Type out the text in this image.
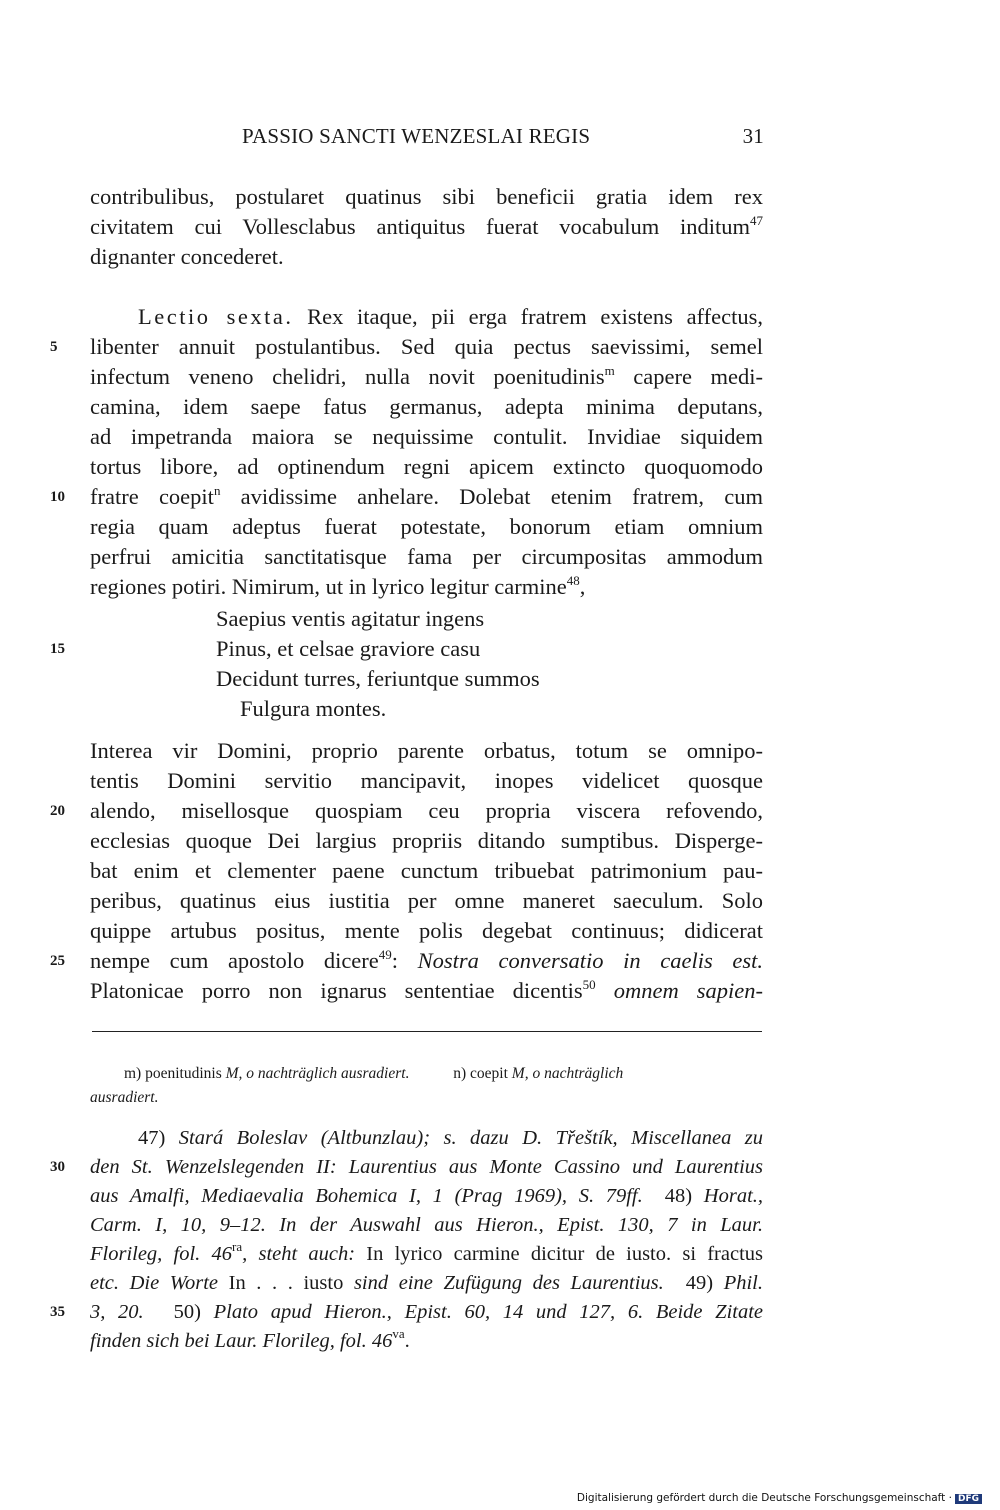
PASSIO SANCTI WENZESLAI REGIS	31
contribulibus, postularet quatinus sibi beneficii gratia idem rex
civitatem cui Vollesclabus antiquitus fuerat vocabulum inditum$^{47}$
dignanter concederet.
Lectio sexta. Rex itaque, pii erga fratrem existens affectus,
5	libenter annuit postulantibus. Sed quia pectus saevissimi, semel
infectum veneno chelidri, nulla novit poenitudinis$^m$ capere medi-
camina, idem saepe fatus germanus, adepta minima deputans,
ad impetranda maiora se nequissime contulit. Invidiae siquidem
tortus libore, ad optinendum regni apicem extincto quoquomodo
10	fratre coepit$^n$ avidissime anhelare. Dolebat etenim fratrem, cum
regia quam adeptus fuerat potestate, bonorum etiam omnium
perfrui amicitia sanctitatisque fama per circumpositas ammodum
regiones potiri. Nimirum, ut in lyrico legitur carmine$^{48}$,
Saepius ventis agitatur ingens
15	Pinus, et celsae graviore casu
Decidunt turres, feriuntque summos
Fulgura montes.
Interea vir Domini, proprio parente orbatus, totum se omnipo-
tentis Domini servitio mancipavit, inopes videlicet quosque
20	alendo, misellosque quospiam ceu propria viscera refovendo,
ecclesias quoque Dei largius propriis ditando sumptibus. Disperge-
bat enim et clementer paene cunctum tribuebat patrimonium pau-
peribus, quatinus eius iustitia per omne maneret saeculum. Solo
quippe artubus positus, mente polis degebat continuus; didicerat
25	nempe cum apostolo dicere$^{49}$: Nostra conversatio in caelis est.
Platonicae porro non ignarus sententiae dicentis$^{50}$ omnem sapien-
m) poenitudinis M, o nachträglich ausradiert.	n) coepit M, o nachträglich
ausradiert.
47) Stará Boleslav (Altbunzlau); s. dazu D. Třeštík, Miscellanea zu
30 den St. Wenzelslegenden II: Laurentius aus Monte Cassino und Laurentius
aus Amalfi, Mediaevalia Bohemica I, 1 (Prag 1969), S. 79ff. 48) Horat.,
Carm. I, 10, 9–12. In der Auswahl aus Hieron., Epist. 130, 7 in Laur.
Florileg, fol. $46^{ra}$, steht auch: In lyrico carmine dicitur de iusto. si fractus
etc. Die Worte In . . . iusto sind eine Zufügung des Laurentius. 49) Phil.
35 3, 20. 50) Plato apud Hieron., Epist. 60, 14 und 127, 6. Beide Zitate
finden sich bei Laur. Florileg, fol. $46^{va}$.
Digitalisierung gefördert durch die Deutsche Forschungsgemeinschaft · DFG
